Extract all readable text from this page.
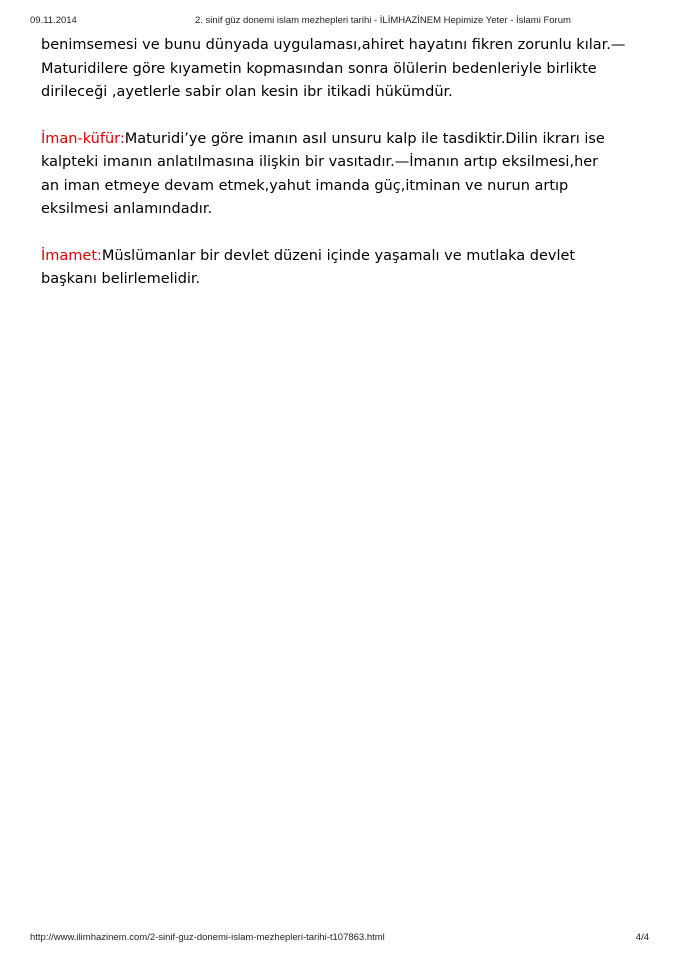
09.11.2014	2. sinif güz donemi islam mezhepleri tarihi - İLİMHAZİNEM Hepimize Yeter - İslami Forum
benimsemesi ve bunu dünyada uygulaması,ahiret hayatını fikren zorunlu kılar.—
Maturidilere göre kıyametin kopmasından sonra ölülerin bedenleriyle birlikte
dirileceği ,ayetlerle sabir olan kesin ibr itikadi hükümdür.
İman-küfür:Maturidi’ye göre imanın asıl unsuru kalp ile tasdiktir.Dilin ikrarı ise
kalpteki imanın anlatılmasına ilişkin bir vasıtadır.—İmanın artıp eksilmesi,her
an iman etmeye devam etmek,yahut imanda güç,itminan ve nurun artıp
eksilmesi anlamındadır.
İmamet:Müslümanlar bir devlet düzeni içinde yaşamalı ve mutlaka devlet
başkanı belirlemelidir.
http://www.ilimhazinem.com/2-sinif-guz-donemi-islam-mezhepleri-tarihi-t107863.html	4/4
